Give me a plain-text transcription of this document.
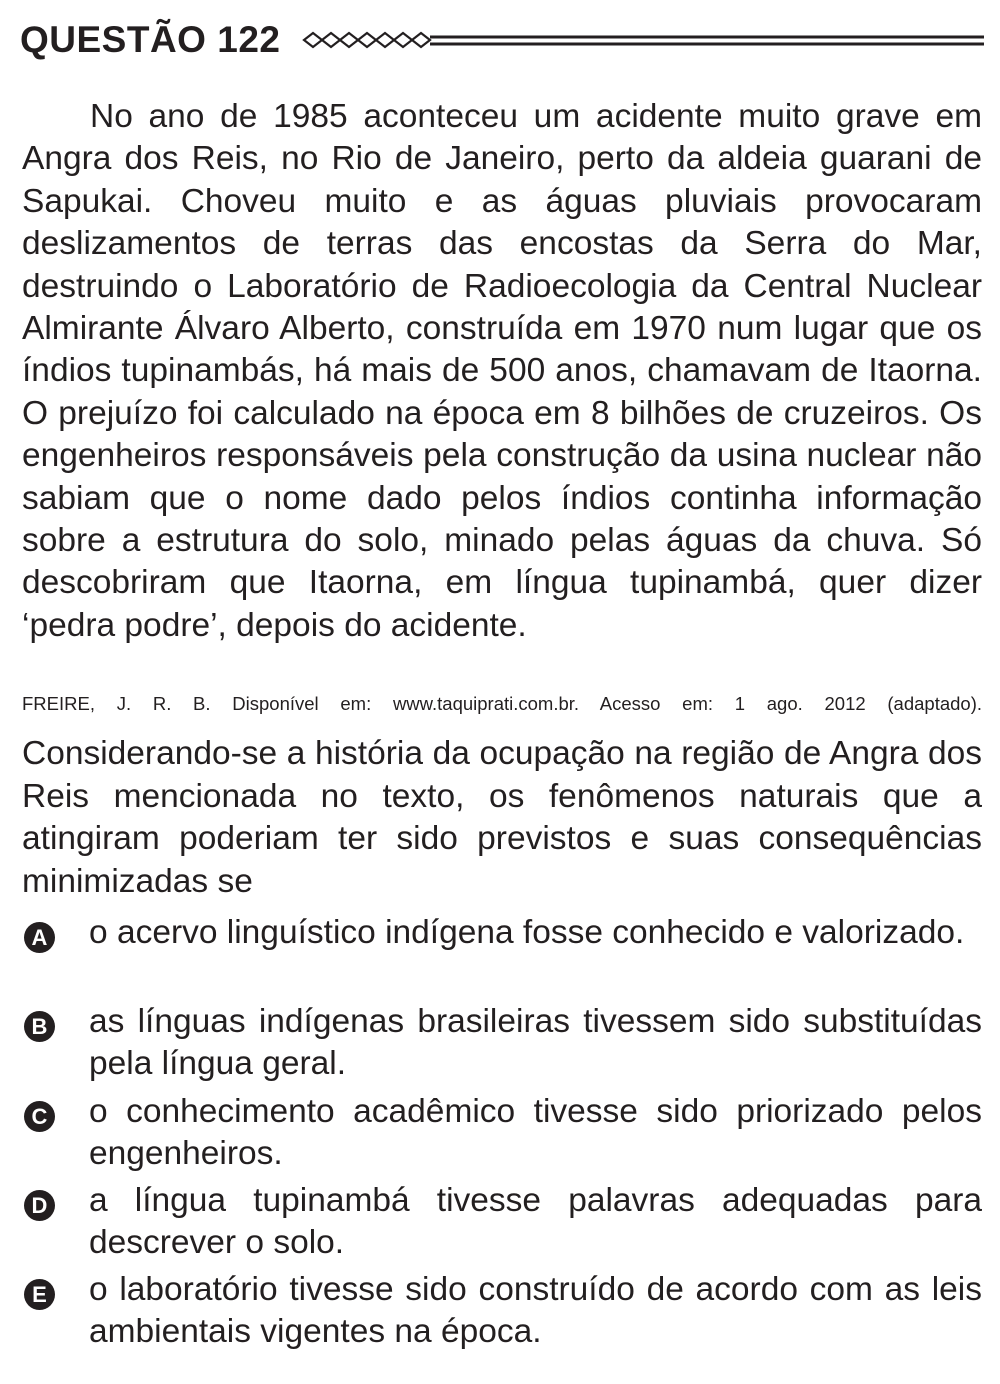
QUESTÃO 122

No ano de 1985 aconteceu um acidente muito grave em Angra dos Reis, no Rio de Janeiro, perto da aldeia guarani de Sapukai. Choveu muito e as águas pluviais provocaram deslizamentos de terras das encostas da Serra do Mar, destruindo o Laboratório de Radioecologia da Central Nuclear Almirante Álvaro Alberto, construída em 1970 num lugar que os índios tupinambás, há mais de 500 anos, chamavam de Itaorna. O prejuízo foi calculado na época em 8 bilhões de cruzeiros. Os engenheiros responsáveis pela construção da usina nuclear não sabiam que o nome dado pelos índios continha informação sobre a estrutura do solo, minado pelas águas da chuva. Só descobriram que Itaorna, em língua tupinambá, quer dizer ‘pedra podre’, depois do acidente.

FREIRE, J. R. B. Disponível em: www.taquiprati.com.br. Acesso em: 1 ago. 2012 (adaptado).

Considerando-se a história da ocupação na região de Angra dos Reis mencionada no texto, os fenômenos naturais que a atingiram poderiam ter sido previstos e suas consequências minimizadas se

A o acervo linguístico indígena fosse conhecido e valorizado.

B as línguas indígenas brasileiras tivessem sido substituídas pela língua geral.

C o conhecimento acadêmico tivesse sido priorizado pelos engenheiros.

D a língua tupinambá tivesse palavras adequadas para descrever o solo.

E o laboratório tivesse sido construído de acordo com as leis ambientais vigentes na época.
